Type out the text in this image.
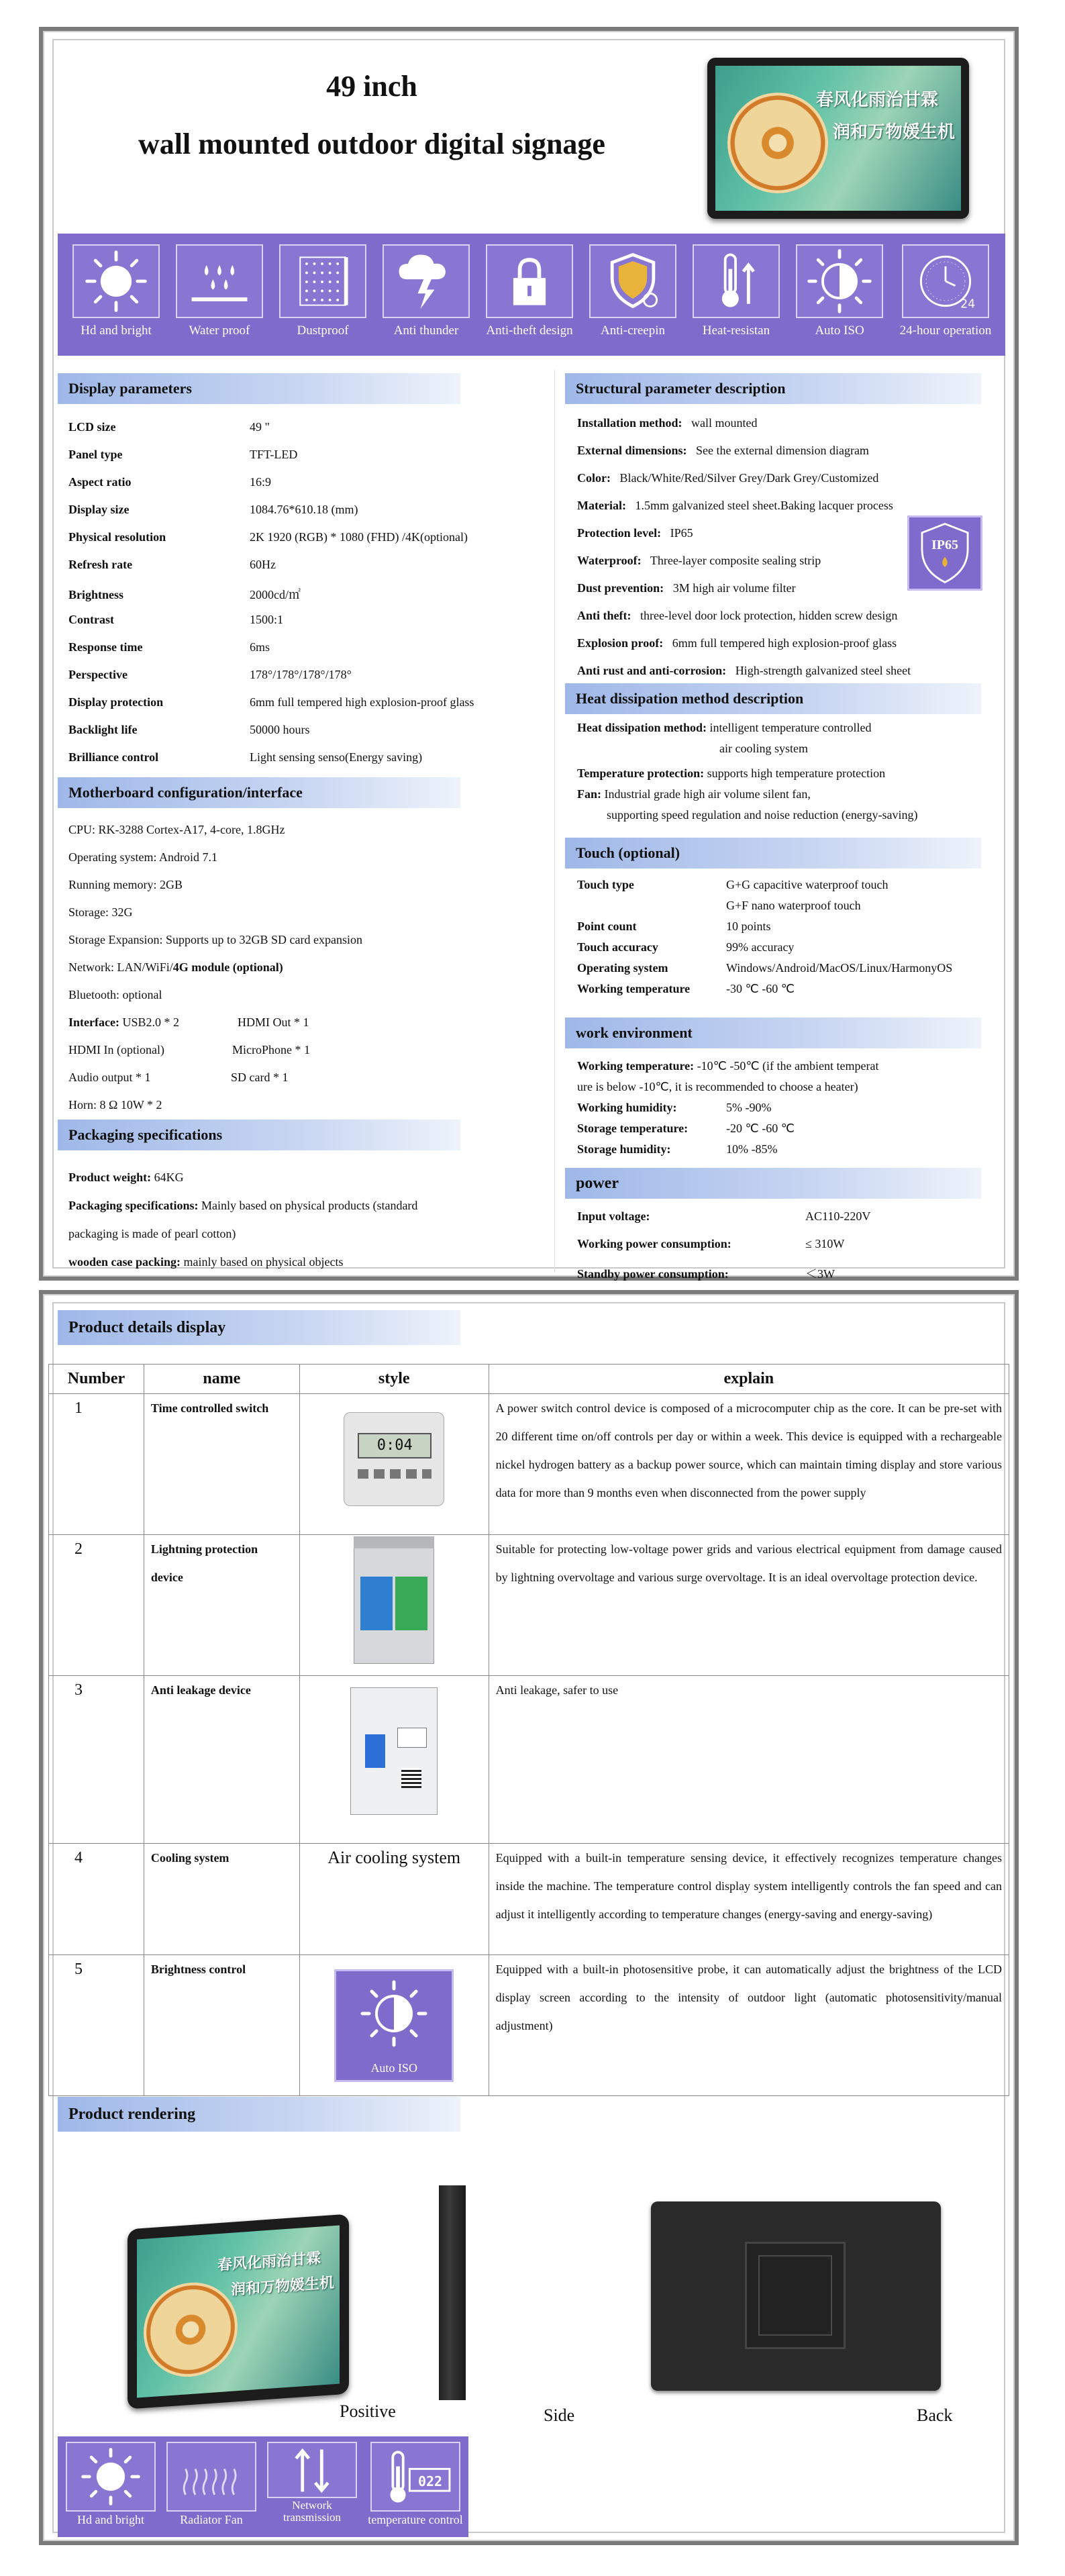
49 inch
wall mounted outdoor digital signage
春风化雨治甘霖
润和万物媛生机
Hd and bright	Water proof	Dustproof	Anti thunder	Anti-theft design	Anti-creepin	Heat-resistan	Auto ISO
24
24-hour operation
Display parameters
Motherboard configuration/interface
CPU: RK-3288 Cortex-A17, 4-core, 1.8GHz
Operating system: Android 7.1
Running memory: 2GB
Storage: 32G
Storage Expansion: Supports up to 32GB SD card expansion
Network: LAN/WiFi/4G module (optional)
Bluetooth: optional
Interface: USB2.0 * 2	HDMI Out * 1
HDMI In (optional)	MicroPhone * 1
Audio output * 1	SD card * 1
Horn: 8 Ω 10W * 2
Packaging specifications
Product weight: 64KG
Packaging specifications: Mainly based on physical products (standard
packaging is made of pearl cotton)
wooden case packing: mainly based on physical objects
Structural parameter description
IP65
Heat dissipation method description
Heat dissipation method: intelligent temperature controlled
air cooling system
Temperature protection: supports high temperature protection
Fan: Industrial grade high air volume silent fan,
supporting speed regulation and noise reduction (energy-saving)
Touch (optional)
Touch type	G+G capacitive waterproof touch
G+F nano waterproof touch
Point count	10 points
Touch accuracy	99% accuracy
Operating system	Windows/Android/MacOS/Linux/HarmonyOS
Working temperature	-30 ℃ -60 ℃
work environment
Working temperature: -10℃ -50℃ (if the ambient temperat
ure is below -10℃, it is recommended to choose a heater)
Working humidity:	5% -90%
Storage temperature:	-20 ℃ -60 ℃
Storage humidity:	10% -85%
power
LCD size	49 "
Panel type	TFT-LED
Aspect ratio	16:9
Display size	1084.76*610.18 (mm)
Physical resolution	2K 1920 (RGB) * 1080 (FHD) /4K(optional)
Refresh rate	60Hz
Brightness	2000cd/㎡
Contrast	1500:1
Response time	6ms
Perspective	178°/178°/178°/178°
Display protection	6mm full tempered high explosion-proof glass
Backlight life	50000 hours
Brilliance control	Light sensing senso(Energy saving)
Installation method: wall mounted
External dimensions: See the external dimension diagram
Color: Black/White/Red/Silver Grey/Dark Grey/Customized
Material: 1.5mm galvanized steel sheet.Baking lacquer process
Protection level: IP65
Waterproof: Three-layer composite sealing strip
Dust prevention: 3M high air volume filter
Anti theft: three-level door lock protection, hidden screw design
Explosion proof: 6mm full tempered high explosion-proof glass
Anti rust and anti-corrosion: High-strength galvanized steel sheet
Input voltage:	AC110-220V
Working power consumption:	≤ 310W
Standby power consumption:	＜3W
Product details display
Number	name	style	explain
1	Time controlled switch	0:04	A power switch control device is composed of a microcomputer chip as the core. It can be pre-set with 20 different time on/off controls per day or within a week. This device is equipped with a rechargeable nickel hydrogen battery as a backup power source, which can maintain timing display and store various data for more than 9 months even when disconnected from the power supply
2	Lightning protection device		Suitable for protecting low-voltage power grids and various electrical equipment from damage caused by lightning overvoltage and various surge overvoltage. It is an ideal overvoltage protection device.
3	Anti leakage device		Anti leakage, safer to use
4	Cooling system	Air cooling system	Equipped with a built-in temperature sensing device, it effectively recognizes temperature changes inside the machine. The temperature control display system intelligently controls the fan speed and can adjust it intelligently according to temperature changes (energy-saving and energy-saving)
5	Brightness control	Auto ISO	Equipped with a built-in photosensitive probe, it can automatically adjust the brightness of the LCD display screen according to the intensity of outdoor light (automatic photosensitivity/manual adjustment)
Product rendering
春风化雨治甘霖
润和万物媛生机
Positive	Side	Back
Hd and bright	Radiator Fan
Network transmission
022
temperature control
